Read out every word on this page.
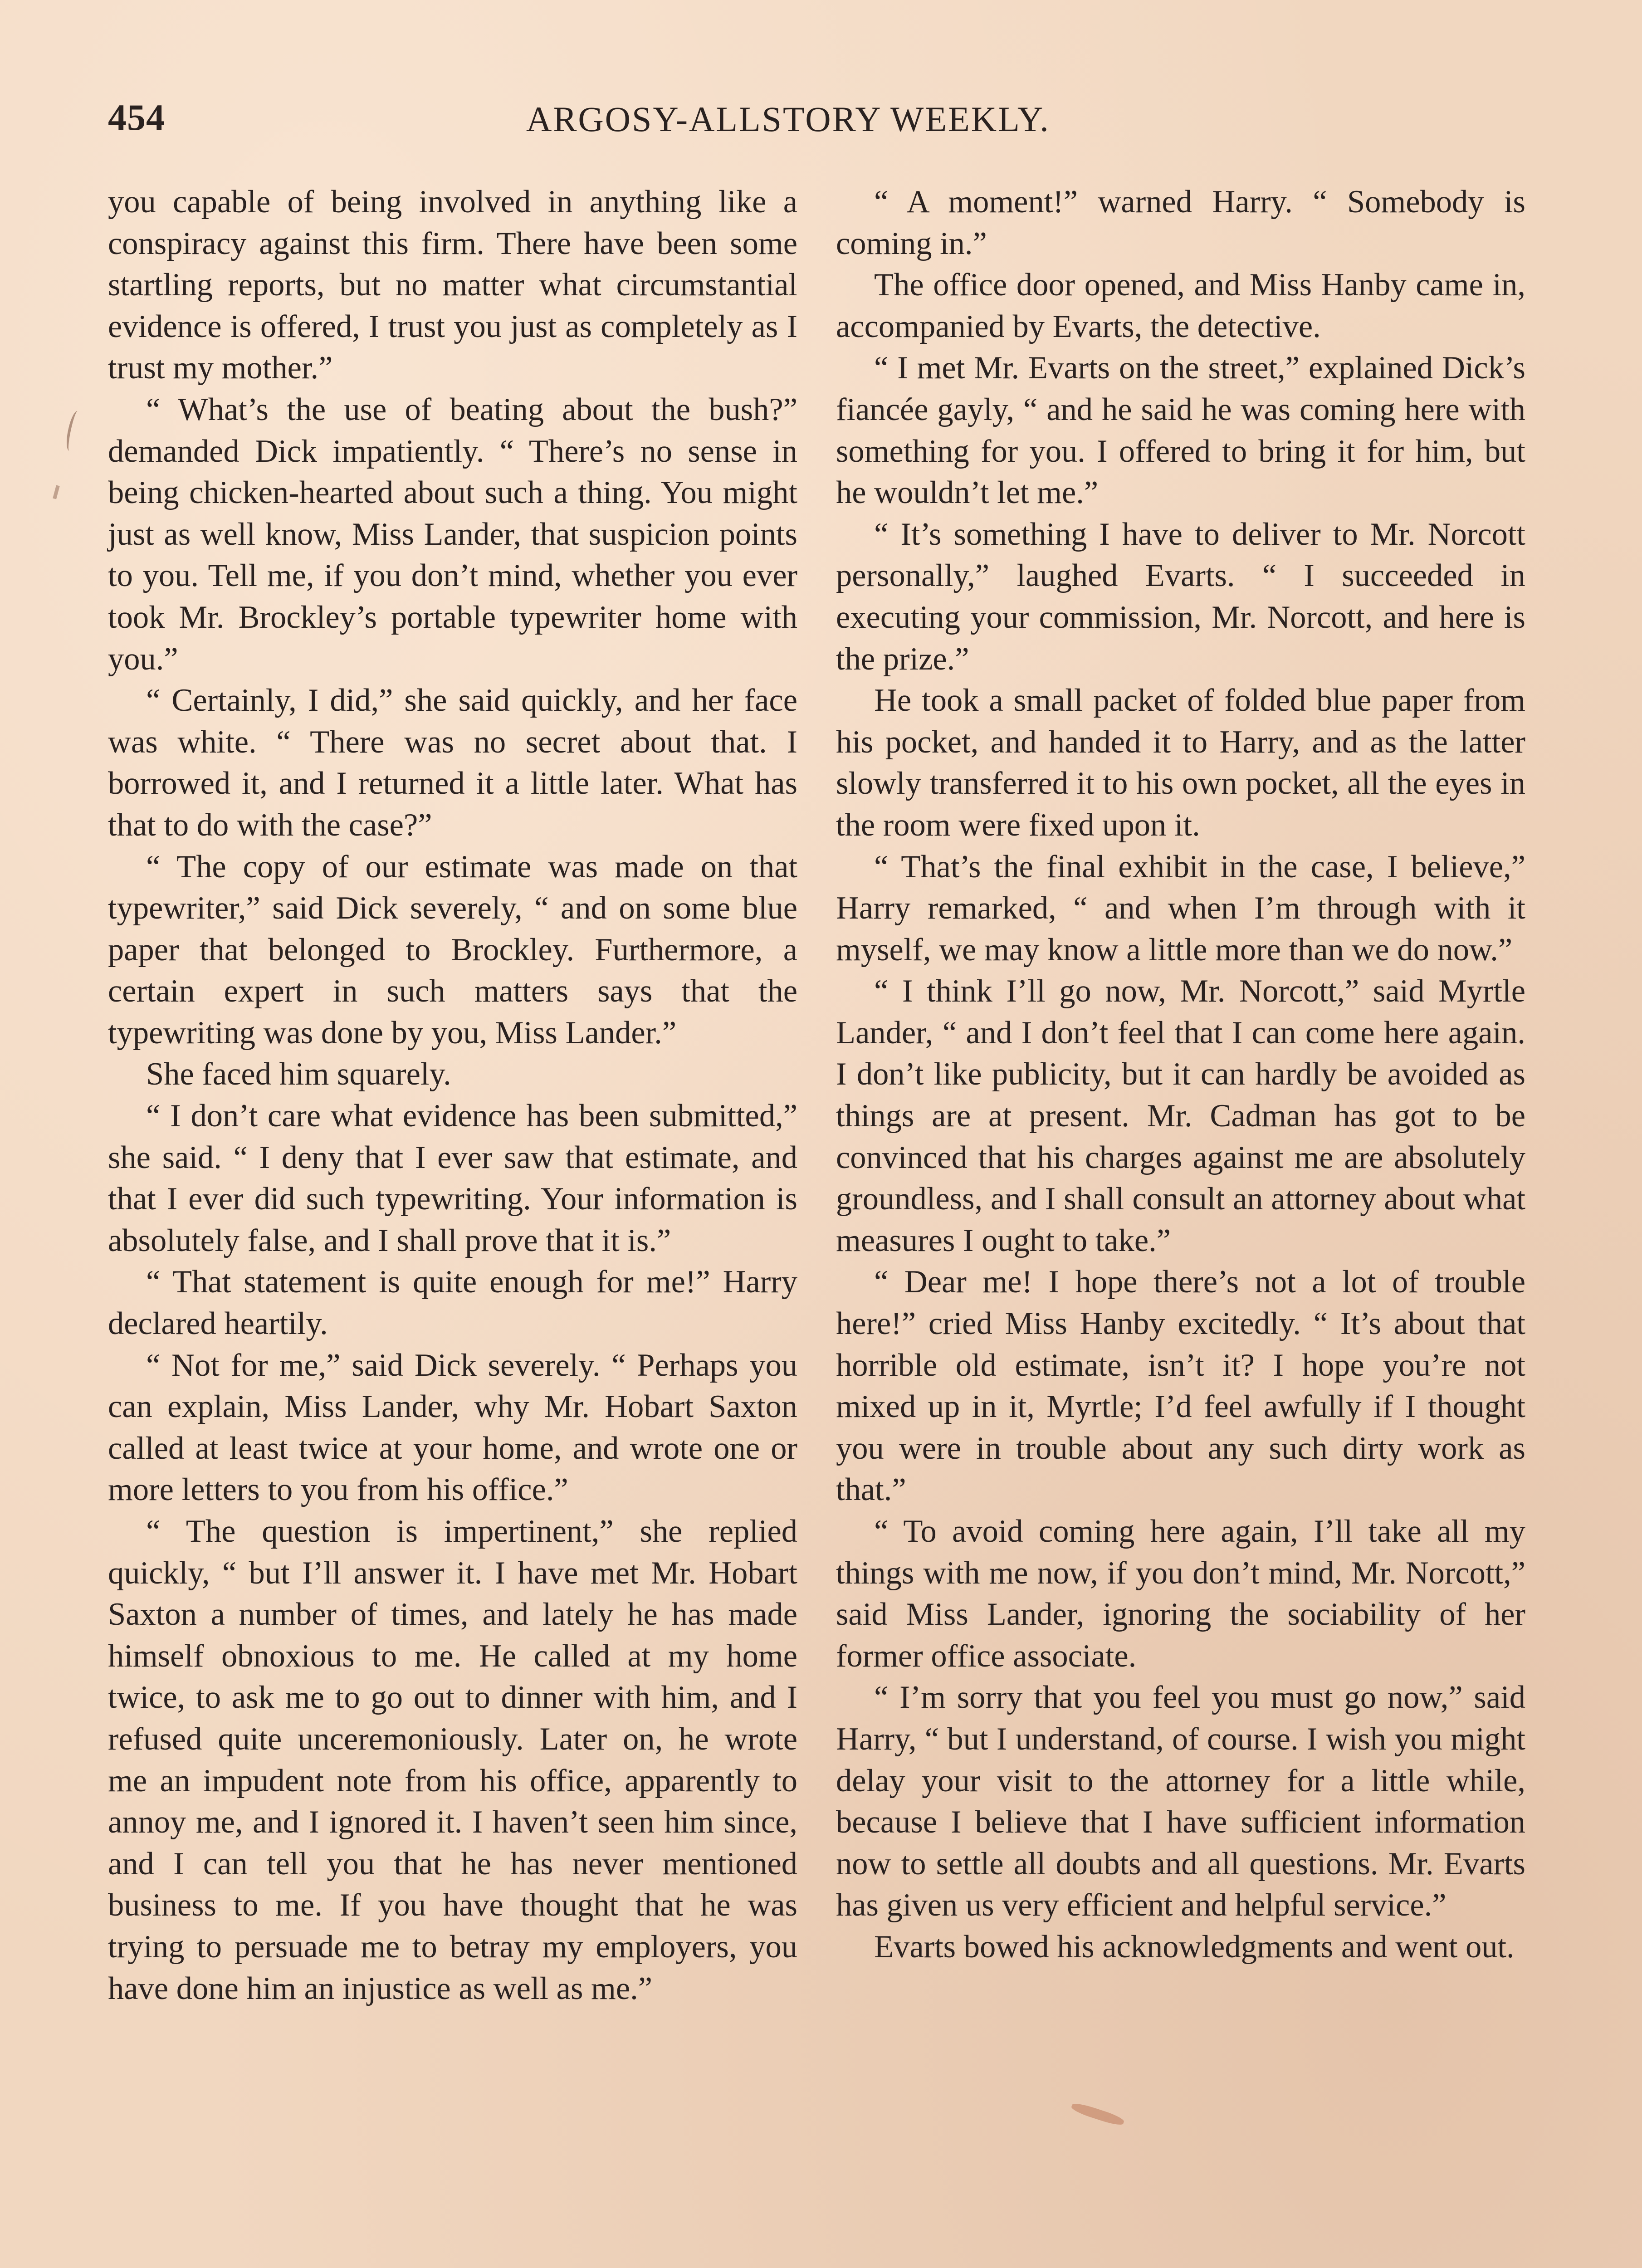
454	ARGOSY-ALLSTORY WEEKLY.

you capable of being involved in anything like a conspiracy against this firm. There have been some startling reports, but no matter what circumstantial evidence is offered, I trust you just as completely as I trust my mother.”

“ What’s the use of beating about the bush?” demanded Dick impatiently. “ There’s no sense in being chicken-hearted about such a thing. You might just as well know, Miss Lander, that suspicion points to you. Tell me, if you don’t mind, whether you ever took Mr. Brockley’s portable typewriter home with you.”

“ Certainly, I did,” she said quickly, and her face was white. “ There was no secret about that. I borrowed it, and I returned it a little later. What has that to do with the case?”

“ The copy of our estimate was made on that typewriter,” said Dick severely, “ and on some blue paper that belonged to Brockley. Furthermore, a certain expert in such matters says that the typewriting was done by you, Miss Lander.”

She faced him squarely.

“ I don’t care what evidence has been submitted,” she said. “ I deny that I ever saw that estimate, and that I ever did such typewriting. Your information is absolutely false, and I shall prove that it is.”

“ That statement is quite enough for me!” Harry declared heartily.

“ Not for me,” said Dick severely. “ Perhaps you can explain, Miss Lander, why Mr. Hobart Saxton called at least twice at your home, and wrote one or more letters to you from his office.”

“ The question is impertinent,” she replied quickly, “ but I’ll answer it. I have met Mr. Hobart Saxton a number of times, and lately he has made himself obnoxious to me. He called at my home twice, to ask me to go out to dinner with him, and I refused quite unceremoniously. Later on, he wrote me an impudent note from his office, apparently to annoy me, and I ignored it. I haven’t seen him since, and I can tell you that he has never mentioned business to me. If you have thought that he was trying to persuade me to betray my employers, you have done him an injustice as well as me.”

“ A moment!” warned Harry. “ Somebody is coming in.”

The office door opened, and Miss Hanby came in, accompanied by Evarts, the detective.

“ I met Mr. Evarts on the street,” explained Dick’s fiancée gayly, “ and he said he was coming here with something for you. I offered to bring it for him, but he wouldn’t let me.”

“ It’s something I have to deliver to Mr. Norcott personally,” laughed Evarts. “ I succeeded in executing your commission, Mr. Norcott, and here is the prize.”

He took a small packet of folded blue paper from his pocket, and handed it to Harry, and as the latter slowly transferred it to his own pocket, all the eyes in the room were fixed upon it.

“ That’s the final exhibit in the case, I believe,” Harry remarked, “ and when I’m through with it myself, we may know a little more than we do now.”

“ I think I’ll go now, Mr. Norcott,” said Myrtle Lander, “ and I don’t feel that I can come here again. I don’t like publicity, but it can hardly be avoided as things are at present. Mr. Cadman has got to be convinced that his charges against me are absolutely groundless, and I shall consult an attorney about what measures I ought to take.”

“ Dear me! I hope there’s not a lot of trouble here!” cried Miss Hanby excitedly. “ It’s about that horrible old estimate, isn’t it? I hope you’re not mixed up in it, Myrtle; I’d feel awfully if I thought you were in trouble about any such dirty work as that.”

“ To avoid coming here again, I’ll take all my things with me now, if you don’t mind, Mr. Norcott,” said Miss Lander, ignoring the sociability of her former office associate.

“ I’m sorry that you feel you must go now,” said Harry, “ but I understand, of course. I wish you might delay your visit to the attorney for a little while, because I believe that I have sufficient information now to settle all doubts and all questions. Mr. Evarts has given us very efficient and helpful service.”

Evarts bowed his acknowledgments and went out.
